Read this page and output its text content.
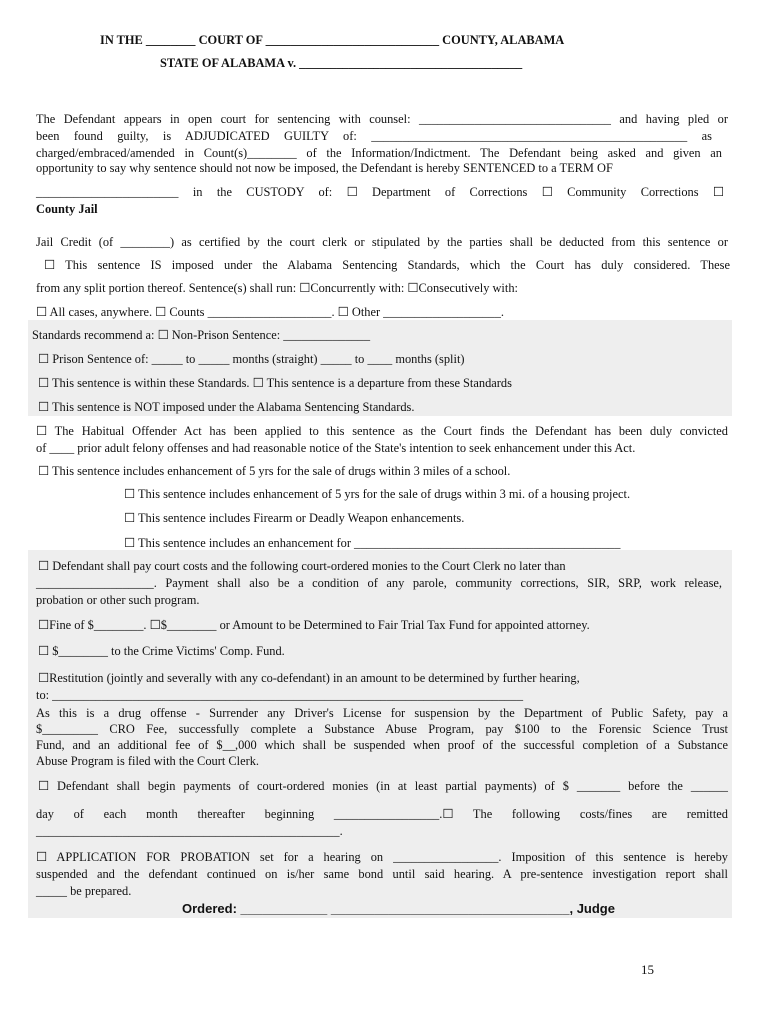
IN THE ________ COURT OF ____________________________ COUNTY, ALABAMA
STATE OF ALABAMA v. ____________________________________
The Defendant appears in open court for sentencing with counsel: _______________________________ and having pled or
been found guilty, is ADJUDICATED GUILTY of: ___________________________________________________ as
charged/embraced/amended in Count(s)________ of the Information/Indictment. The Defendant being asked and given an
opportunity to say why sentence should not now be imposed, the Defendant is hereby SENTENCED to a TERM OF
_______________________ in the CUSTODY of: ☐ Department of Corrections ☐ Community Corrections ☐
County Jail
Jail Credit (of ________) as certified by the court clerk or stipulated by the parties shall be deducted from this sentence or
☐ This sentence IS imposed under the Alabama Sentencing Standards, which the Court has duly considered. These
from any split portion thereof. Sentence(s) shall run: ☐Concurrently with: ☐Consecutively with:
☐ All cases, anywhere. ☐ Counts ____________________. ☐ Other ___________________.
Standards recommend a: ☐ Non-Prison Sentence: ______________
☐ Prison Sentence of: _____ to _____ months (straight) _____ to ____ months (split)
☐ This sentence is within these Standards. ☐ This sentence is a departure from these Standards
☐ This sentence is NOT imposed under the Alabama Sentencing Standards.
☐ The Habitual Offender Act has been applied to this sentence as the Court finds the Defendant has been duly convicted
of ____ prior adult felony offenses and had reasonable notice of the State's intention to seek enhancement under this Act.
☐ This sentence includes enhancement of 5 yrs for the sale of drugs within 3 miles of a school.
☐ This sentence includes enhancement of 5 yrs for the sale of drugs within 3 mi. of a housing project.
☐ This sentence includes Firearm or Deadly Weapon enhancements.
☐ This sentence includes an enhancement for ___________________________________________
☐ Defendant shall pay court costs and the following court-ordered monies to the Court Clerk no later than
___________________. Payment shall also be a condition of any parole, community corrections, SIR, SRP, work release,
probation or other such program.
☐Fine of $________. ☐$________ or Amount to be Determined to Fair Trial Tax Fund for appointed attorney.
☐ $________ to the Crime Victims' Comp. Fund.
☐Restitution (jointly and severally with any co-defendant) in an amount to be determined by further hearing,
to: ____________________________________________________________________________
As this is a drug offense - Surrender any Driver's License for suspension by the Department of Public Safety, pay a
$_________ CRO Fee, successfully complete a Substance Abuse Program, pay $100 to the Forensic Science Trust
Fund, and an additional fee of $__,000 which shall be suspended when proof of the successful completion of a Substance
Abuse Program is filed with the Court Clerk.
☐ Defendant shall begin payments of court-ordered monies (in at least partial payments) of $ _______ before the ______
day of each month thereafter beginning _________________.☐ The following costs/fines are remitted
_________________________________________________.
☐ APPLICATION FOR PROBATION set for a hearing on _________________. Imposition of this sentence is hereby
suspended and the defendant continued on is/her same bond until said hearing. A pre-sentence investigation report shall
_____ be prepared.
Ordered: ____________ _________________________________, Judge
15
